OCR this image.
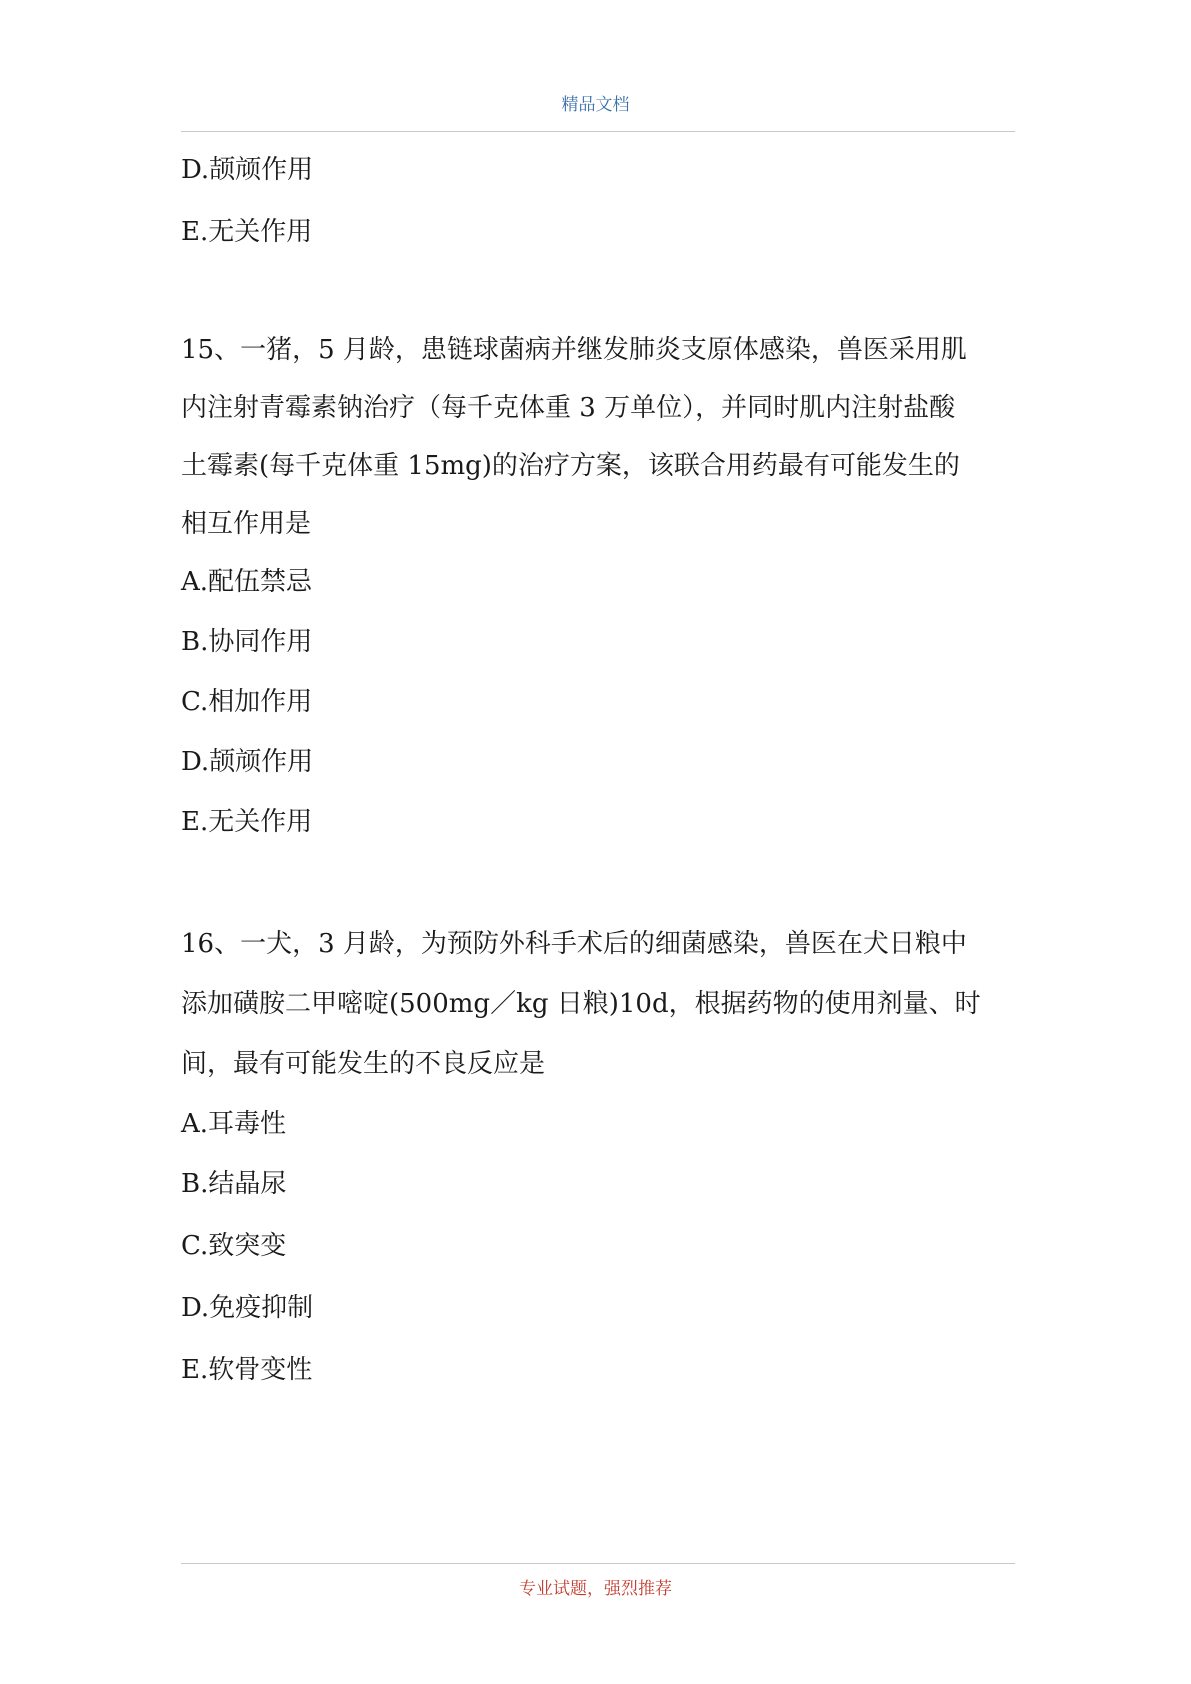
精品文档
D.颉颃作用
E.无关作用
15、一猪，5 月龄，患链球菌病并继发肺炎支原体感染，兽医采用肌
内注射青霉素钠治疗（每千克体重 3 万单位），并同时肌内注射盐酸
土霉素(每千克体重 15mg)的治疗方案，该联合用药最有可能发生的
相互作用是
A.配伍禁忌
B.协同作用
C.相加作用
D.颉颃作用
E.无关作用
16、一犬，3 月龄，为预防外科手术后的细菌感染，兽医在犬日粮中
添加磺胺二甲嘧啶(500mg／kg 日粮)10d，根据药物的使用剂量、时
间，最有可能发生的不良反应是
A.耳毒性
B.结晶尿
C.致突变
D.免疫抑制
E.软骨变性
专业试题，强烈推荐
